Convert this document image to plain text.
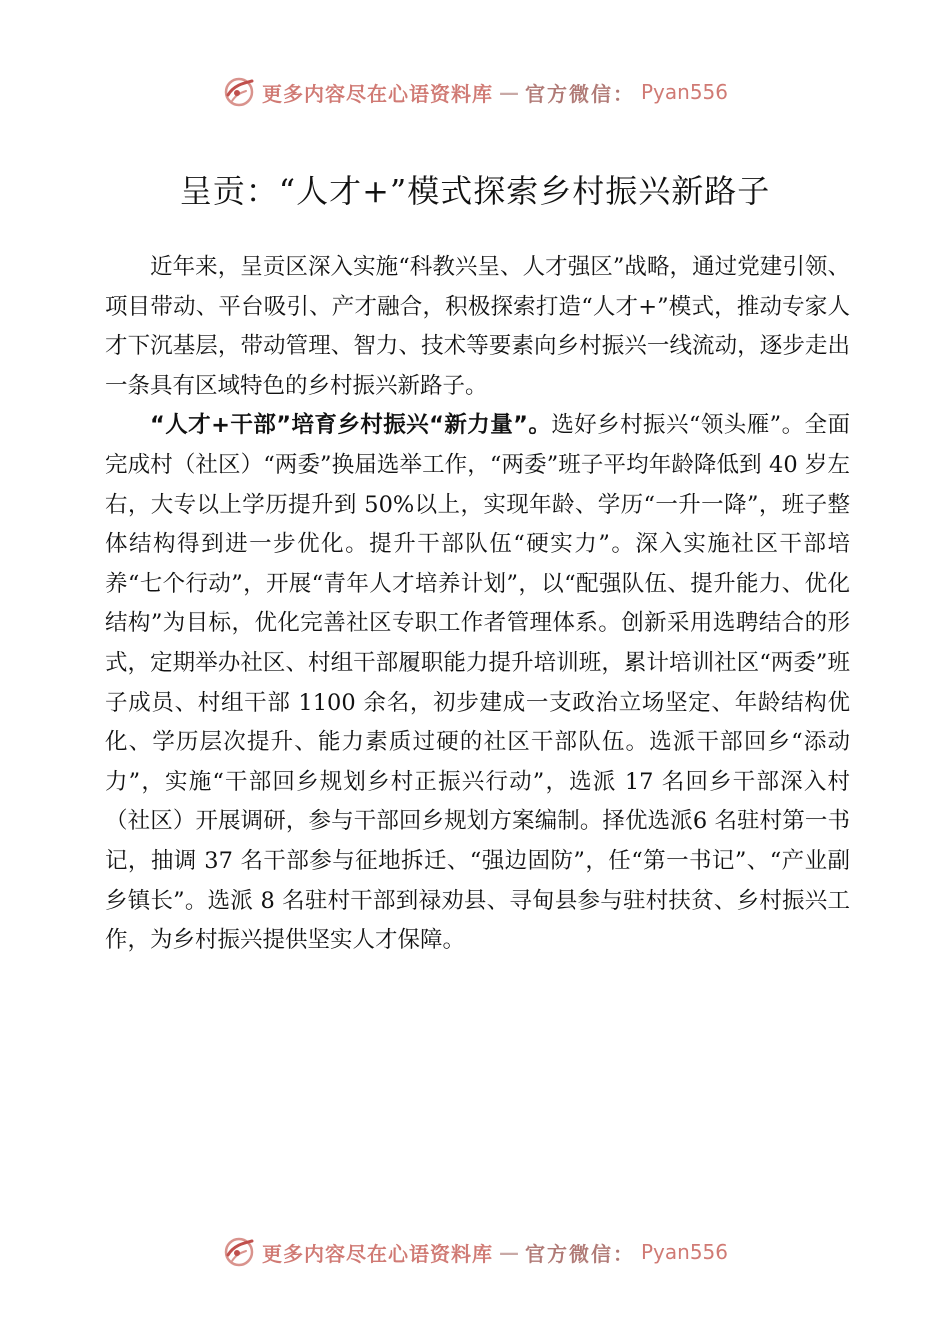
更多内容尽在心语资料库 — 官方微信： Pyan556
呈贡：“人才+”模式探索乡村振兴新路子

近年来，呈贡区深入实施“科教兴呈、人才强区”战略，通过党建引领、项目带动、平台吸引、产才融合，积极探索打造“人才+”模式，推动专家人才下沉基层，带动管理、智力、技术等要素向乡村振兴一线流动，逐步走出一条具有区域特色的乡村振兴新路子。

“人才+干部”培育乡村振兴“新力量”。选好乡村振兴“领头雁”。全面完成村（社区）“两委”换届选举工作，“两委”班子平均年龄降低到 40 岁左右，大专以上学历提升到 50%以上，实现年龄、学历“一升一降”，班子整体结构得到进一步优化。提升干部队伍“硬实力”。深入实施社区干部培养“七个行动”，开展“青年人才培养计划”，以“配强队伍、提升能力、优化结构”为目标，优化完善社区专职工作者管理体系。创新采用选聘结合的形式，定期举办社区、村组干部履职能力提升培训班，累计培训社区“两委”班子成员、村组干部 1100 余名，初步建成一支政治立场坚定、年龄结构优化、学历层次提升、能力素质过硬的社区干部队伍。选派干部回乡“添动力”，实施“干部回乡规划乡村正振兴行动”，选派 17 名回乡干部深入村（社区）开展调研，参与干部回乡规划方案编制。择优选派6 名驻村第一书记，抽调 37 名干部参与征地拆迁、“强边固防”，任“第一书记”、“产业副乡镇长”。选派 8 名驻村干部到禄劝县、寻甸县参与驻村扶贫、乡村振兴工作，为乡村振兴提供坚实人才保障。

更多内容尽在心语资料库 — 官方微信： Pyan556
